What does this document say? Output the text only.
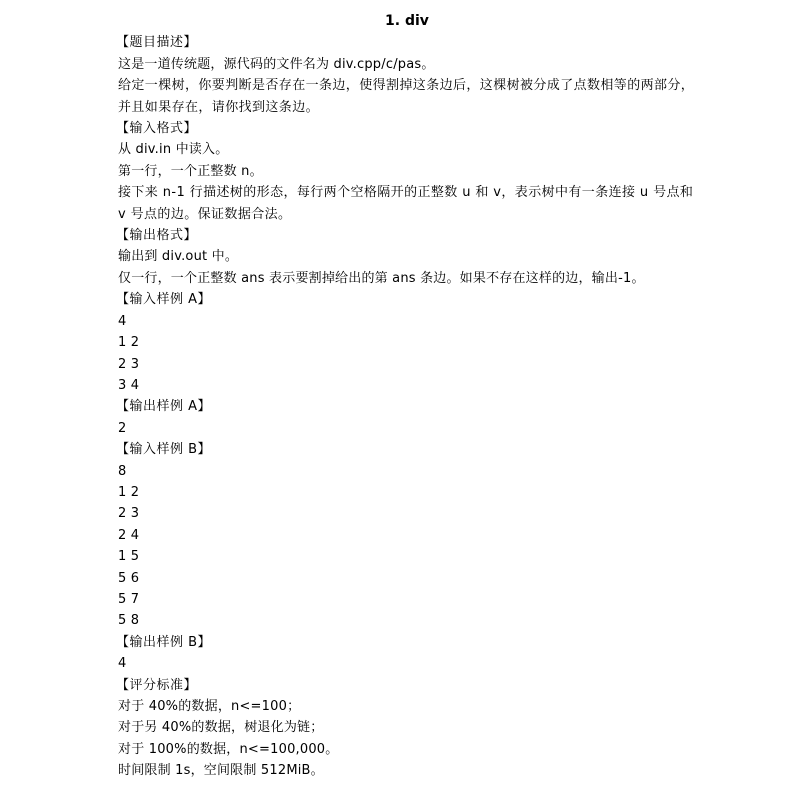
1. div

【题目描述】

这是一道传统题，源代码的文件名为 div.cpp/c/pas。

给定一棵树，你要判断是否存在一条边，使得割掉这条边后，这棵树被分成了点数相等的两部分，并且如果存在，请你找到这条边。

【输入格式】

从 div.in 中读入。

第一行，一个正整数 n。

接下来 n-1 行描述树的形态，每行两个空格隔开的正整数 u 和 v，表示树中有一条连接 u 号点和 v 号点的边。保证数据合法。

【输出格式】

输出到 div.out 中。

仅一行，一个正整数 ans 表示要割掉给出的第 ans 条边。如果不存在这样的边，输出-1。

【输入样例 A】

4

1 2

2 3

3 4

【输出样例 A】

2

【输入样例 B】

8

1 2

2 3

2 4

1 5

5 6

5 7

5 8

【输出样例 B】

4

【评分标准】

对于 40%的数据，n<=100；

对于另 40%的数据，树退化为链；

对于 100%的数据，n<=100,000。

时间限制 1s，空间限制 512MiB。
